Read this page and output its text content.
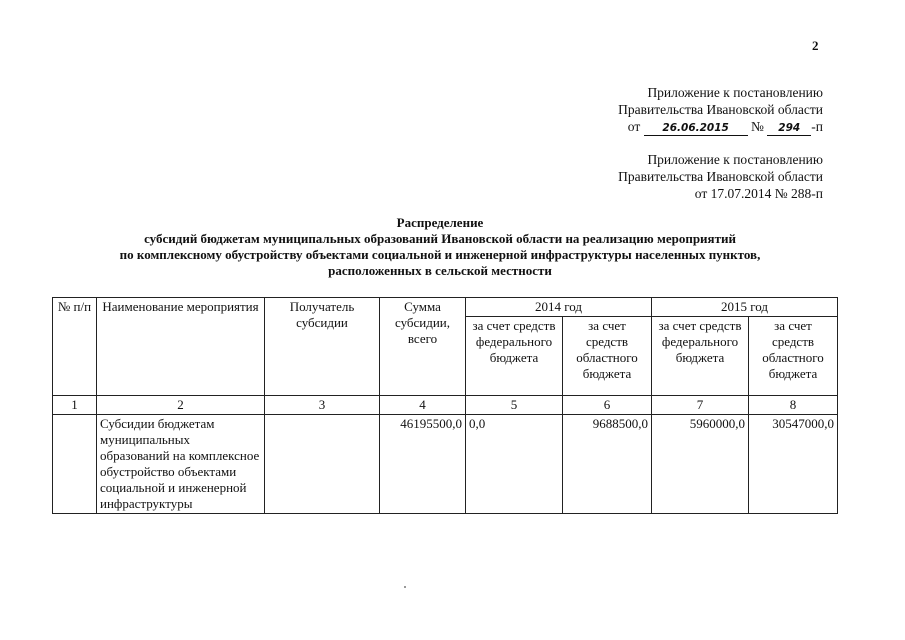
2
Приложение к постановлению
Правительства Ивановской области
от 26.06.2015 № 294 -п
Приложение к постановлению
Правительства Ивановской области
от 17.07.2014 № 288-п
Распределение
субсидий бюджетам муниципальных образований Ивановской области на реализацию мероприятий
по комплексному обустройству объектами социальной и инженерной инфраструктуры населенных пунктов,
расположенных в сельской местности
№ п/п	Наименование мероприятия	Получатель субсидии	Сумма субсидии, всего	2014 год		2015 год	
				за счет средств федерального бюджета	за счет средств областного бюджета	за счет средств федерального бюджета	за счет средств областного бюджета
1	2	3	4	5	6	7	8
	Субсидии бюджетам муниципальных образований на комплексное обустройство объектами социальной и инженерной инфраструктуры		46195500,0	0,0	9688500,0	5960000,0	30547000,0
